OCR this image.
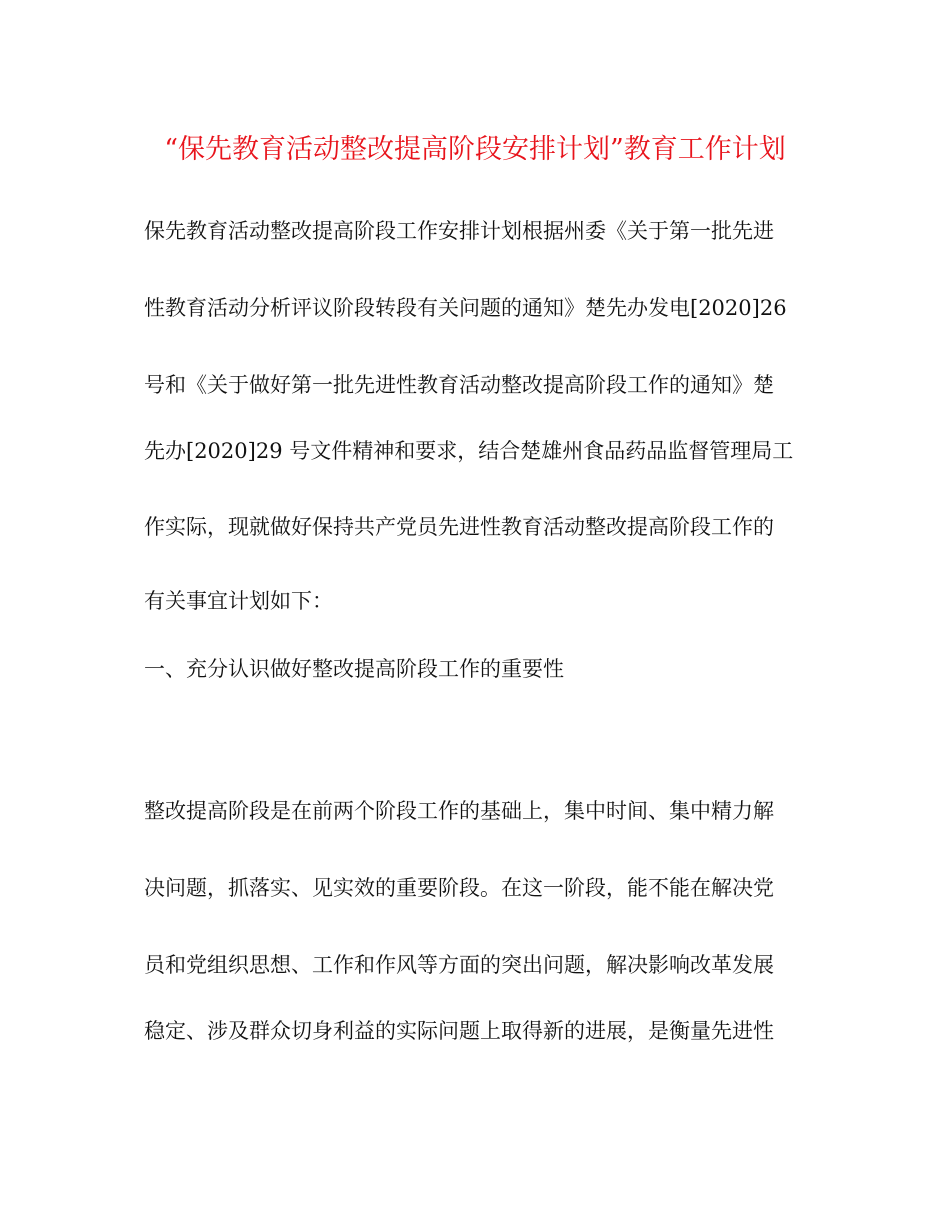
“保先教育活动整改提高阶段安排计划”教育工作计划

保先教育活动整改提高阶段工作安排计划根据州委《关于第一批先进

性教育活动分析评议阶段转段有关问题的通知》楚先办发电[2020]26

号和《关于做好第一批先进性教育活动整改提高阶段工作的通知》楚

先办[2020]29 号文件精神和要求，结合楚雄州食品药品监督管理局工

作实际，现就做好保持共产党员先进性教育活动整改提高阶段工作的

有关事宜计划如下：

一、充分认识做好整改提高阶段工作的重要性

整改提高阶段是在前两个阶段工作的基础上，集中时间、集中精力解

决问题，抓落实、见实效的重要阶段。在这一阶段，能不能在解决党

员和党组织思想、工作和作风等方面的突出问题，解决影响改革发展

稳定、涉及群众切身利益的实际问题上取得新的进展，是衡量先进性
